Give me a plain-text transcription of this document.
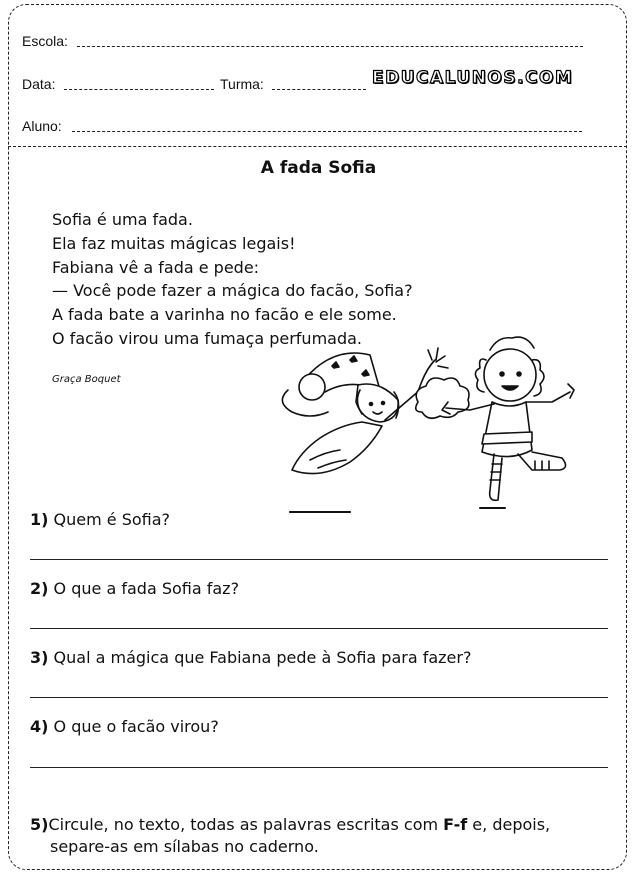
Escola:
Data:	Turma:	EDUCALUNOS.COM
Aluno:
A fada Sofia
Sofia é uma fada.
Ela faz muitas mágicas legais!
Fabiana vê a fada e pede:
— Você pode fazer a mágica do facão, Sofia?
A fada bate a varinha no facão e ele some.
O facão virou uma fumaça perfumada.
Graça Boquet
1) Quem é Sofia?
2) O que a fada Sofia faz?
3) Qual a mágica que Fabiana pede à Sofia para fazer?
4) O que o facão virou?
5)Circule, no texto, todas as palavras escritas com F-f e, depois,
separe-as em sílabas no caderno.
